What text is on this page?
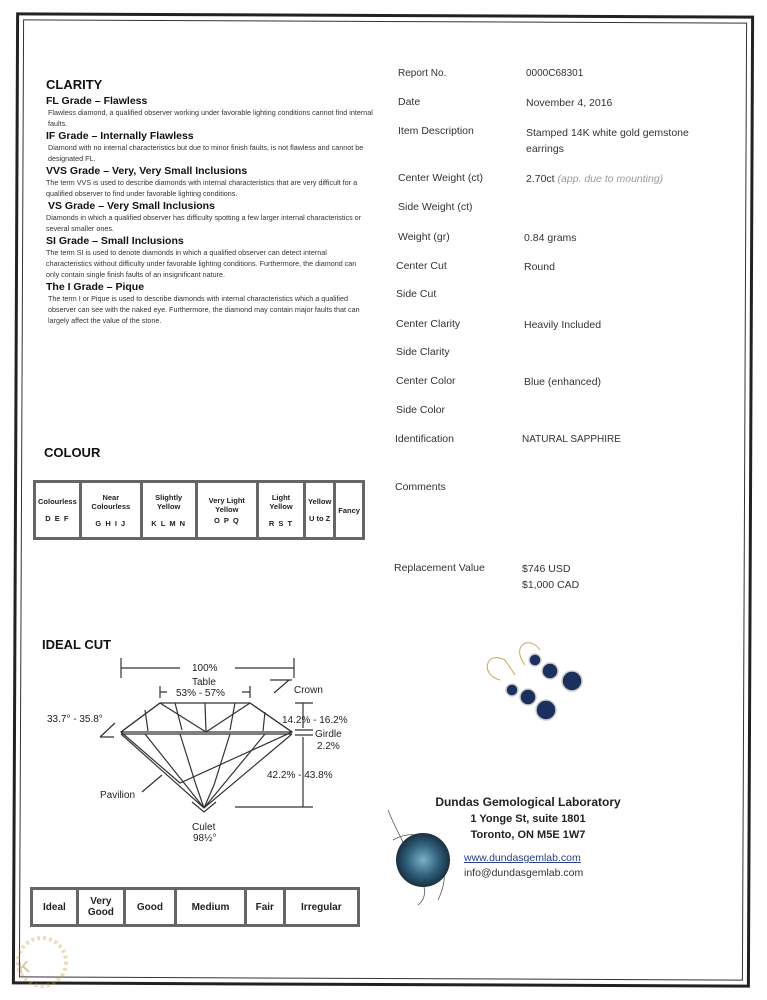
CLARITY
FL Grade – Flawless
Flawless diamond, a qualified observer working under favorable lighting conditions cannot find internal faults.
IF Grade – Internally Flawless
Diamond with no internal characteristics but due to minor finish faults, is not flawless and cannot be designated FL.
VVS Grade – Very, Very Small Inclusions
The term VVS is used to describe diamonds with internal characteristics that are very difficult for a qualified observer to find under favorable lighting conditions.
VS Grade – Very Small Inclusions
Diamonds in which a qualified observer has difficulty spotting a few larger internal characteristics or several smaller ones.
SI Grade – Small Inclusions
The term SI is used to denote diamonds in which a qualified observer can detect internal characteristics without difficulty under favorable lighting conditions. Furthermore, the diamond can only contain single finish faults of an insignificant nature.
The I Grade – Pique
The term I or Pique is used to describe diamonds with internal characteristics which a qualified observer can see with the naked eye. Furthermore, the diamond may contain major faults that can largely affect the value of the stone.
COLOUR
Colourless
D E F

Near Colourless
G H I J

Slightly Yellow
K L M N

Very Light Yellow
O P Q

Light Yellow
R S T

Yellow
U to Z

Fancy
IDEAL CUT
100%
Table
53% - 57%	Crown
33.7° - 35.8°	14.2% - 16.2%
Girdle
2.2%
42.2% - 43.8%
Pavilion
Culet
98½°
Ideal	Very Good	Good	Medium	Fair	Irregular
Report No.	0000C68301
Date	November 4, 2016
Item Description	Stamped 14K white gold gemstone earrings
Center Weight (ct)	2.70ct (app. due to mounting)
Side Weight (ct)
Weight (gr)	0.84 grams
Center Cut	Round
Side Cut
Center Clarity	Heavily Included
Side Clarity
Center Color	Blue (enhanced)
Side Color
Identification	NATURAL SAPPHIRE
Comments
Replacement Value	$746 USD
$1,000 CAD
Dundas Gemological Laboratory
1 Yonge St, suite 1801
Toronto, ON M5E 1W7
www.dundasgemlab.com
info@dundasgemlab.com
K
